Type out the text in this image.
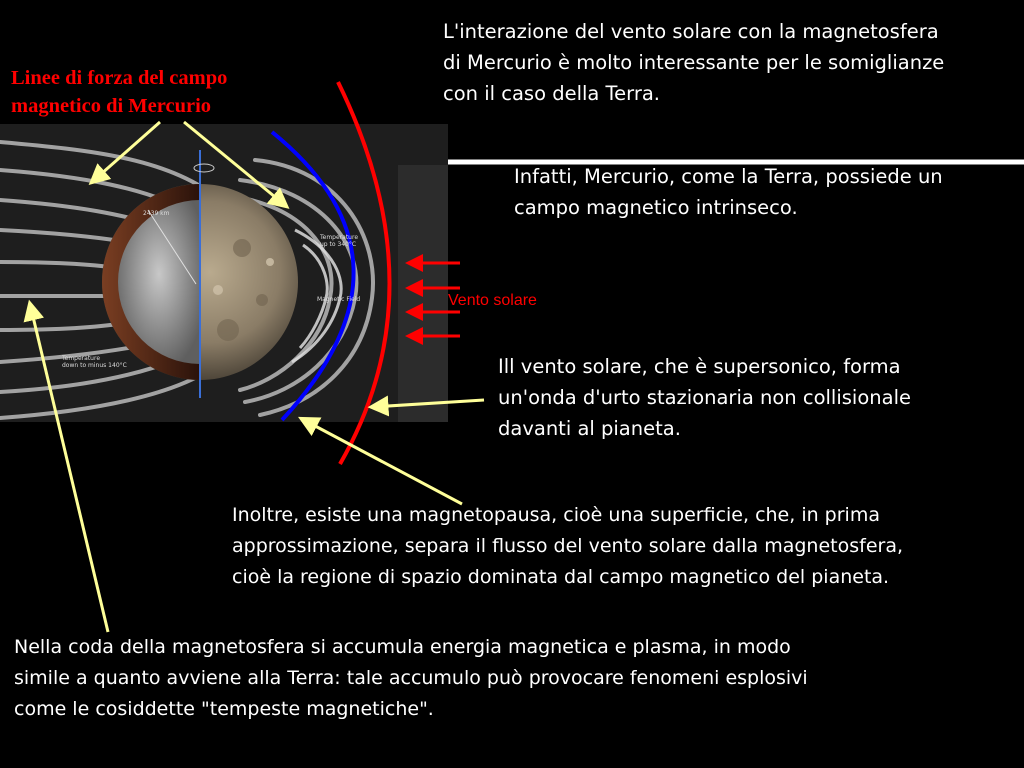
2439 km
Temperature
up to 340°C
Magnetic Field
Temperature
down to minus 140°C
Linee di forza del campo
magnetico di Mercurio
Vento solare
L'interazione del vento solare con la magnetosfera
di Mercurio è molto interessante per le somiglianze
con il caso della Terra.
Infatti, Mercurio, come la Terra, possiede un
campo magnetico intrinseco.
Ill vento solare, che è supersonico, forma
un'onda d'urto stazionaria non collisionale
davanti al pianeta.
Inoltre, esiste una magnetopausa, cioè una superficie, che, in prima
approssimazione, separa il flusso del vento solare dalla magnetosfera,
cioè la regione di spazio dominata dal campo magnetico del pianeta.
Nella coda della magnetosfera si accumula energia magnetica e plasma, in modo
simile a quanto avviene alla Terra: tale accumulo può provocare fenomeni esplosivi
come le cosiddette "tempeste magnetiche".
